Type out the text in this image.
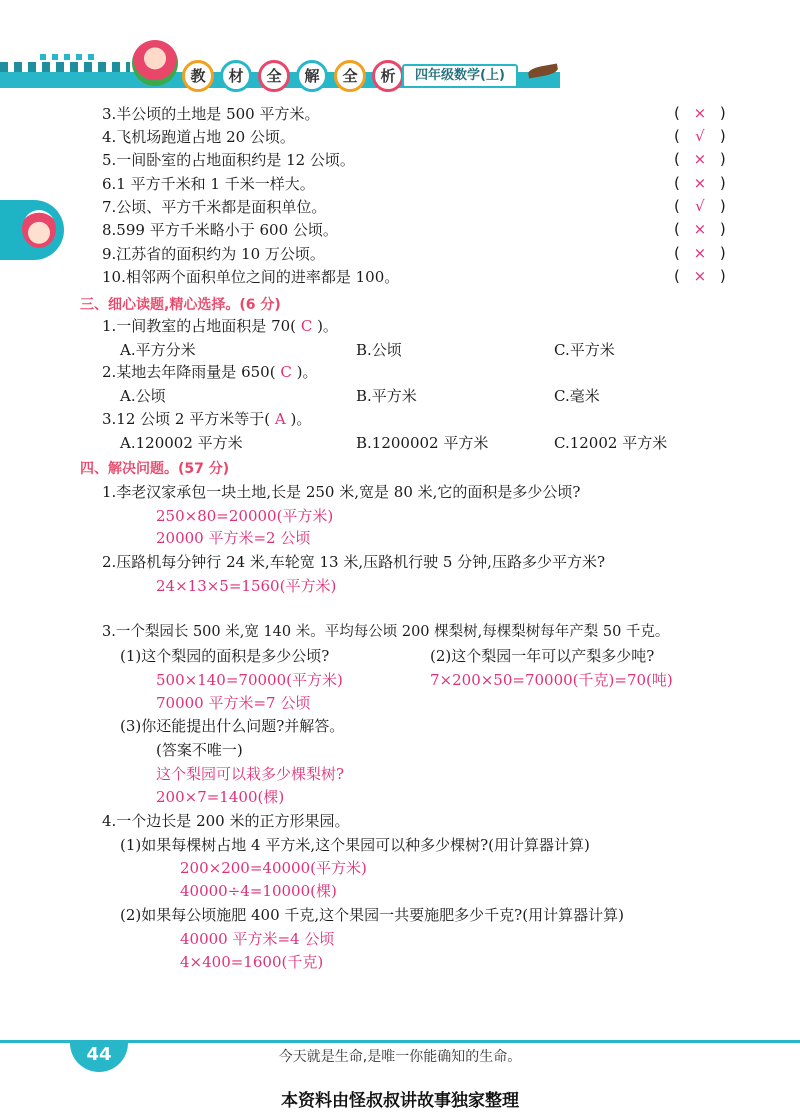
教	材	全	解	全	析	四年级数学(上)
3.半公顷的土地是 500 平方米。	( × )
4.飞机场跑道占地 20 公顷。	( √ )
5.一间卧室的占地面积约是 12 公顷。	( × )
6.1 平方千米和 1 千米一样大。	( × )
7.公顷、平方千米都是面积单位。	( √ )
8.599 平方千米略小于 600 公顷。	( × )
9.江苏省的面积约为 10 万公顷。	( × )
10.相邻两个面积单位之间的进率都是 100。	( × )
三、细心读题,精心选择。(6 分)
1.一间教室的占地面积是 70( C )。
A.平方分米	B.公顷	C.平方米
2.某地去年降雨量是 650( C )。
A.公顷	B.平方米	C.毫米
3.12 公顷 2 平方米等于( A )。
A.120002 平方米	B.1200002 平方米	C.12002 平方米
四、解决问题。(57 分)
1.李老汉家承包一块土地,长是 250 米,宽是 80 米,它的面积是多少公顷?
250×80=20000(平方米)
20000 平方米=2 公顷
2.压路机每分钟行 24 米,车轮宽 13 米,压路机行驶 5 分钟,压路多少平方米?
24×13×5=1560(平方米)
3.一个梨园长 500 米,宽 140 米。平均每公顷 200 棵梨树,每棵梨树每年产梨 50 千克。
(1)这个梨园的面积是多少公顷?	(2)这个梨园一年可以产梨多少吨?
500×140=70000(平方米)	7×200×50=70000(千克)=70(吨)
70000 平方米=7 公顷
(3)你还能提出什么问题?并解答。
(答案不唯一)
这个梨园可以栽多少棵梨树?
200×7=1400(棵)
4.一个边长是 200 米的正方形果园。
(1)如果每棵树占地 4 平方米,这个果园可以种多少棵树?(用计算器计算)
200×200=40000(平方米)
40000÷4=10000(棵)
(2)如果每公顷施肥 400 千克,这个果园一共要施肥多少千克?(用计算器计算)
40000 平方米=4 公顷
4×400=1600(千克)
44	今天就是生命,是唯一你能确知的生命。
本资料由怪叔叔讲故事独家整理
